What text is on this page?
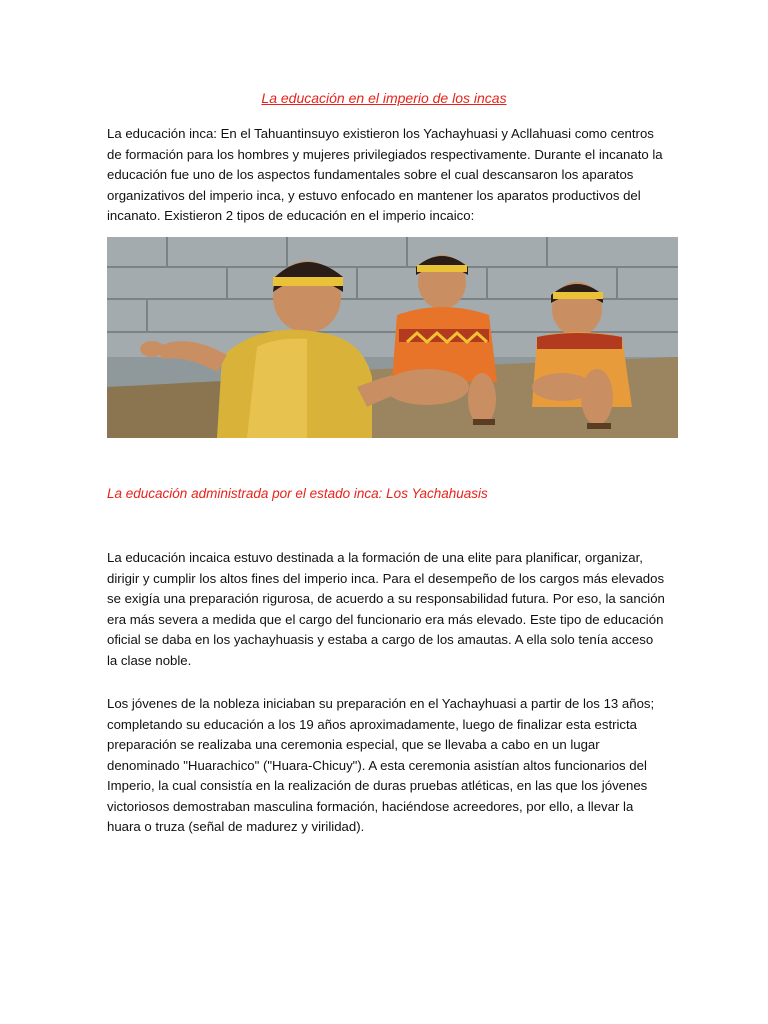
La educación en el imperio de los incas

La educación inca: En el Tahuantinsuyo existieron los Yachayhuasi y Acllahuasi como centros de formación para los hombres y mujeres privilegiados respectivamente. Durante el incanato la educación fue uno de los aspectos fundamentales sobre el cual descansaron los aparatos organizativos del imperio inca, y estuvo enfocado en mantener los aparatos productivos del incanato. Existieron 2 tipos de educación en el imperio incaico:

La educación administrada por el estado inca: Los Yachahuasis

La educación incaica estuvo destinada a la formación de una elite para planificar, organizar, dirigir y cumplir los altos fines del imperio inca. Para el desempeño de los cargos más elevados se exigía una preparación rigurosa, de acuerdo a su responsabilidad futura. Por eso, la sanción era más severa a medida que el cargo del funcionario era más elevado. Este tipo de educación oficial se daba en los yachayhuasis y estaba a cargo de los amautas. A ella solo tenía acceso la clase noble.

Los jóvenes de la nobleza iniciaban su preparación en el Yachayhuasi a partir de los 13 años; completando su educación a los 19 años aproximadamente, luego de finalizar esta estricta preparación se realizaba una ceremonia especial, que se llevaba a cabo en un lugar denominado "Huarachico" ("Huara-Chicuy"). A esta ceremonia asistían altos funcionarios del Imperio, la cual consistía en la realización de duras pruebas atléticas, en las que los jóvenes victoriosos demostraban masculina formación, haciéndose acreedores, por ello, a llevar la huara o truza (señal de madurez y virilidad).
